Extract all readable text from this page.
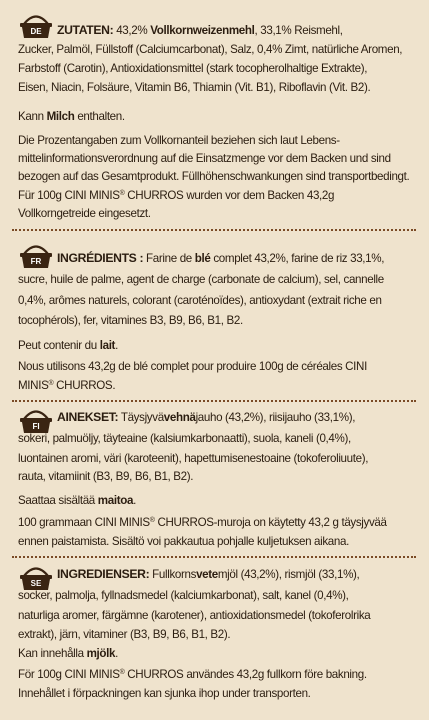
DE	ZUTATEN: 43,2% Vollkornweizenmehl, 33,1% Reismehl,
Zucker, Palmöl, Füllstoff (Calciumcarbonat), Salz, 0,4% Zimt, natürliche Aromen,
Farbstoff (Carotin), Antioxidationsmittel (stark tocopherolhaltige Extrakte),
Eisen, Niacin, Folsäure, Vitamin B6, Thiamin (Vit. B1), Riboflavin (Vit. B2).
Kann Milch enthalten.
Die Prozentangaben zum Vollkornanteil beziehen sich laut Lebens-
mittelinformationsverordnung auf die Einsatzmenge vor dem Backen und sind
bezogen auf das Gesamtprodukt. Füllhöhenschwankungen sind transportbedingt.
Für 100g CINI MINIS® CHURROS wurden vor dem Backen 43,2g
Vollkorngetreide eingesetzt.
FR	INGRÉDIENTS : Farine de blé complet 43,2%, farine de riz 33,1%,
sucre, huile de palme, agent de charge (carbonate de calcium), sel, cannelle
0,4%, arômes naturels, colorant (caroténoïdes), antioxydant (extrait riche en
tocophérols), fer, vitamines B3, B9, B6, B1, B2.
Peut contenir du lait.
Nous utilisons 43,2g de blé complet pour produire 100g de céréales CINI
MINIS® CHURROS.
FI
AINEKSET: Täysjyvävehnäjauho (43,2%), riisijauho (33,1%),
sokeri, palmuöljy, täyteaine (kalsiumkarbonaatti), suola, kaneli (0,4%),
luontainen aromi, väri (karoteenit), hapettumisenestoaine (tokoferoliuute),
rauta, vitamiinit (B3, B9, B6, B1, B2).
Saattaa sisältää maitoa.
100 grammaan CINI MINIS® CHURROS-muroja on käytetty 43,2 g täysjyvää
ennen paistamista. Sisältö voi pakkautua pohjalle kuljetuksen aikana.
SE
INGREDIENSER: Fullkornsvetemjöl (43,2%), rismjöl (33,1%),
socker, palmolja, fyllnadsmedel (kalciumkarbonat), salt, kanel (0,4%),
naturliga aromer, färgämne (karotener), antioxidationsmedel (tokoferolrika
extrakt), järn, vitaminer (B3, B9, B6, B1, B2).
Kan innehålla mjölk.
För 100g CINI MINIS® CHURROS användes 43,2g fullkorn före bakning.
Innehållet i förpackningen kan sjunka ihop under transporten.
